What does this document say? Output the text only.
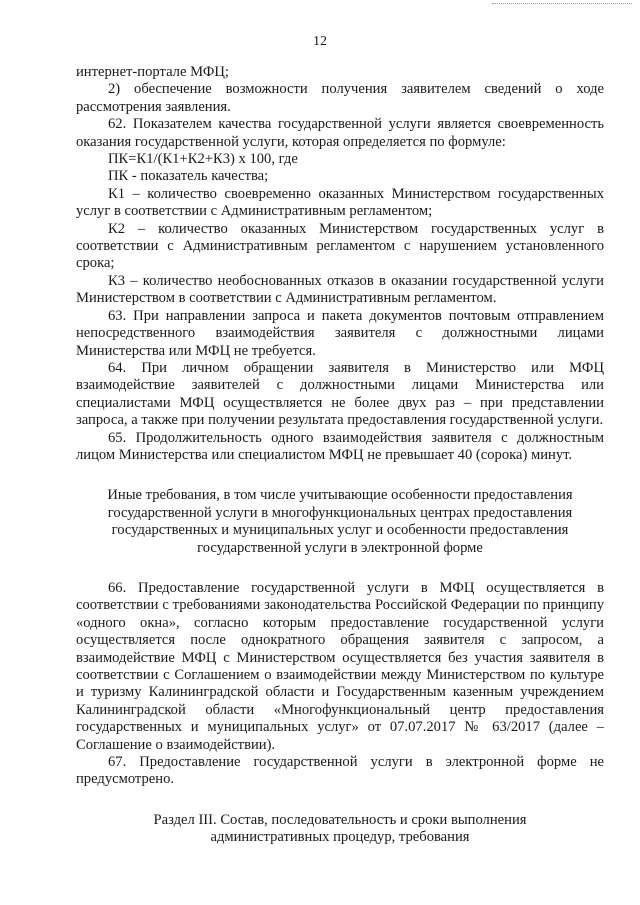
12

интернет-портале МФЦ;

2) обеспечение возможности получения заявителем сведений о ходе рассмотрения заявления.

62. Показателем качества государственной услуги является своевременность оказания государственной услуги, которая определяется по формуле:

ПК=К1/(К1+К2+К3) х 100, где

ПК - показатель качества;

К1 – количество своевременно оказанных Министерством государственных услуг в соответствии с Административным регламентом;

К2 – количество оказанных Министерством государственных услуг в соответствии с Административным регламентом с нарушением установленного срока;

К3 – количество необоснованных отказов в оказании государственной услуги Министерством в соответствии с Административным регламентом.

63. При направлении запроса и пакета документов почтовым отправлением непосредственного взаимодействия заявителя с должностными лицами Министерства или МФЦ не требуется.

64. При личном обращении заявителя в Министерство или МФЦ взаимодействие заявителей с должностными лицами Министерства или специалистами МФЦ осуществляется не более двух раз – при представлении запроса, а также при получении результата предоставления государственной услуги.

65. Продолжительность одного взаимодействия заявителя с должностным лицом Министерства или специалистом МФЦ не превышает 40 (сорока) минут.

Иные требования, в том числе учитывающие особенности предоставления государственной услуги в многофункциональных центрах предоставления государственных и муниципальных услуг и особенности предоставления государственной услуги в электронной форме

66. Предоставление государственной услуги в МФЦ осуществляется в соответствии с требованиями законодательства Российской Федерации по принципу «одного окна», согласно которым предоставление государственной услуги осуществляется после однократного обращения заявителя с запросом, а взаимодействие МФЦ с Министерством осуществляется без участия заявителя в соответствии с Соглашением о взаимодействии между Министерством по культуре и туризму Калининградской области и Государственным казенным учреждением Калининградской области «Многофункциональный центр предоставления государственных и муниципальных услуг» от 07.07.2017 № 63/2017 (далее – Соглашение о взаимодействии).

67. Предоставление государственной услуги в электронной форме не предусмотрено.

Раздел III. Состав, последовательность и сроки выполнения административных процедур, требования
